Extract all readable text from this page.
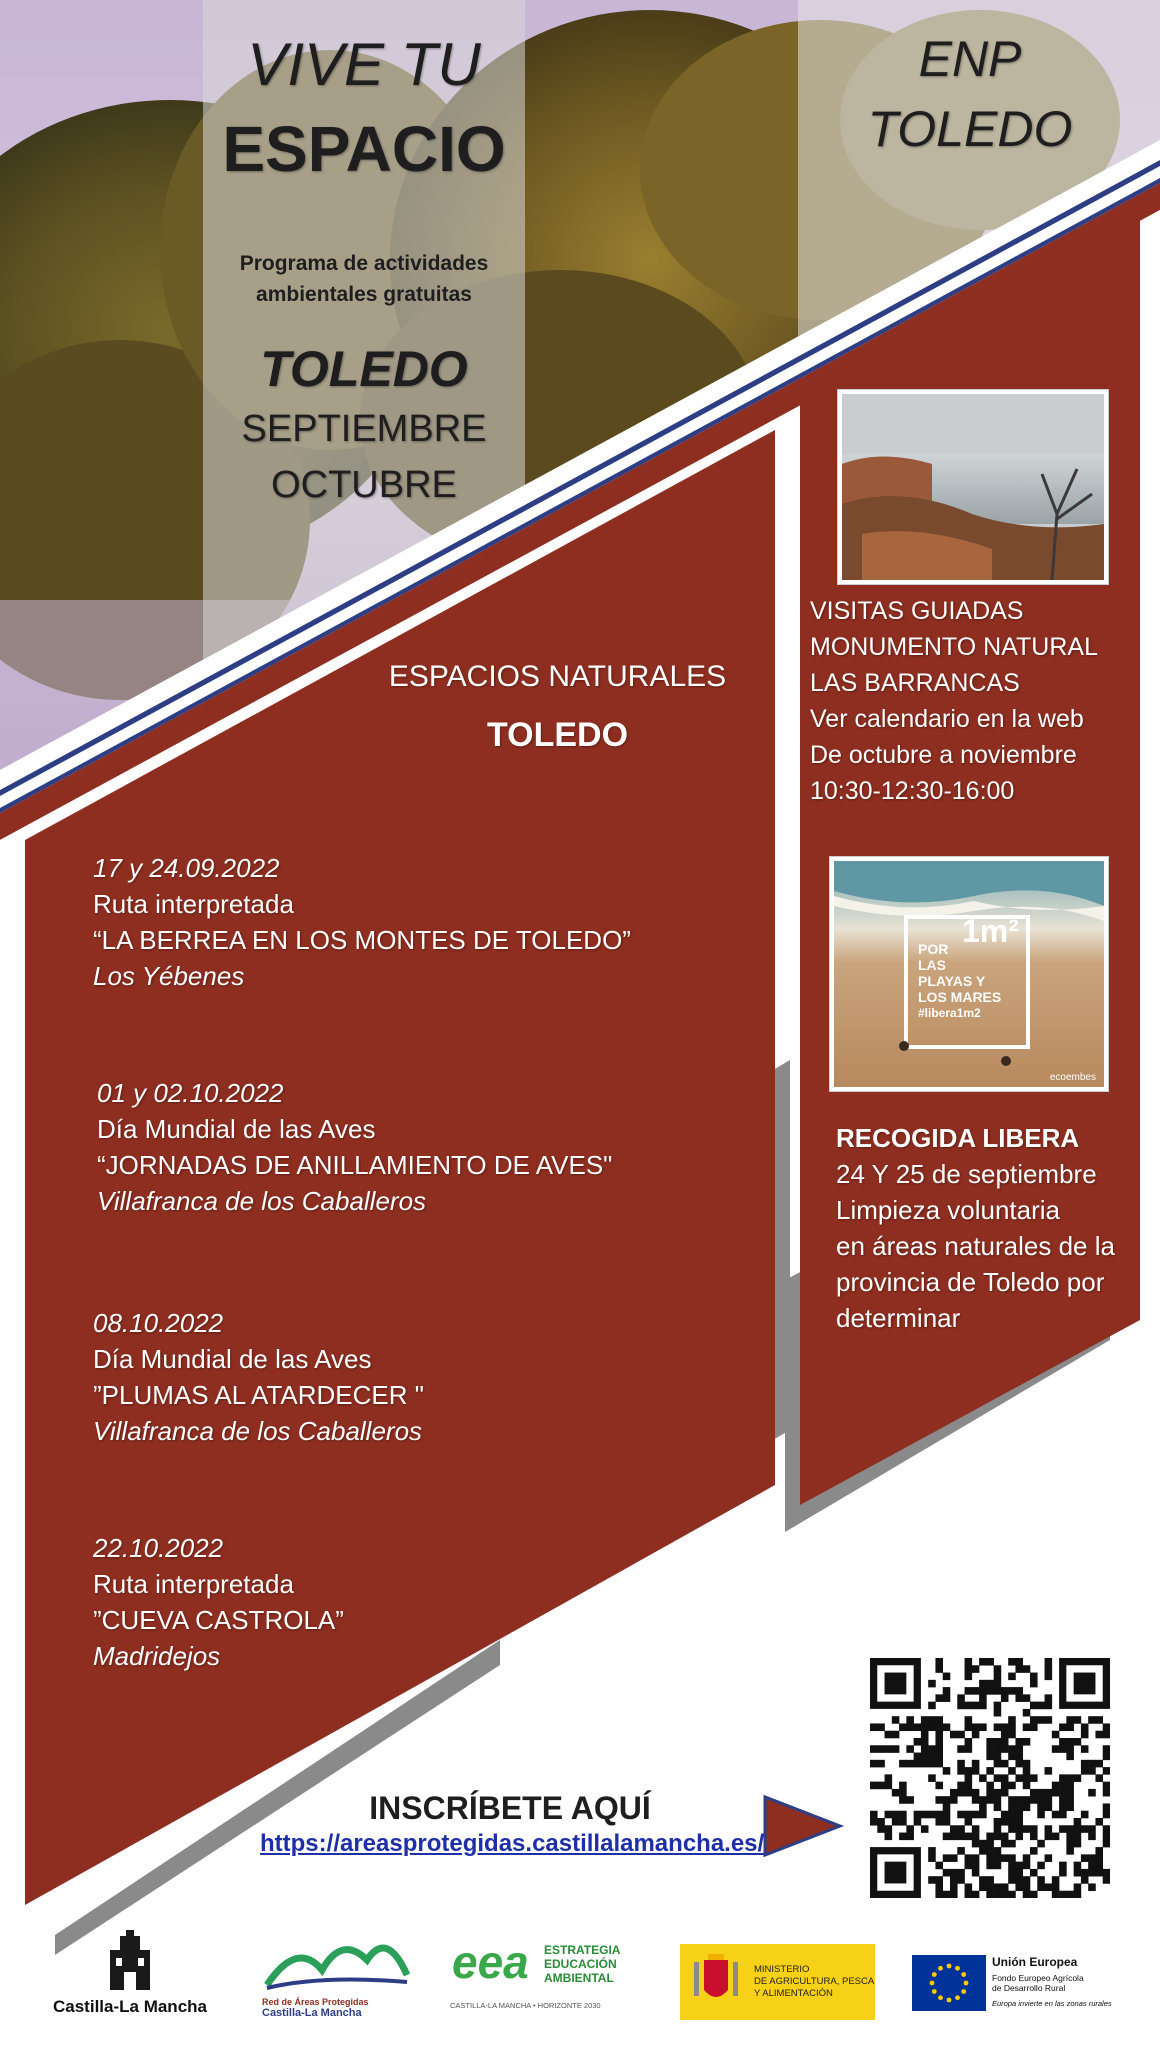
VIVE TU
ESPACIO
Programa de actividades
ambientales gratuitas
TOLEDO
SEPTIEMBRE
OCTUBRE
ENP
TOLEDO
ESPACIOS NATURALES
TOLEDO
17 y 24.09.2022
Ruta interpretada
“LA BERREA EN LOS MONTES DE TOLEDO”
Los Yébenes
01 y 02.10.2022
Día Mundial de las Aves
“JORNADAS DE ANILLAMIENTO DE AVES"
Villafranca de los Caballeros
08.10.2022
Día Mundial de las Aves
”PLUMAS AL ATARDECER "
Villafranca de los Caballeros
22.10.2022
Ruta interpretada
”CUEVA CASTROLA”
Madridejos
VISITAS GUIADAS
MONUMENTO NATURAL
LAS BARRANCAS
Ver calendario en la web
De octubre a noviembre
10:30-12:30-16:00
1m²
POR
LAS
PLAYAS Y
LOS MARES
#libera1m2
ecoembes
RECOGIDA LIBERA
24 Y 25 de septiembre
Limpieza voluntaria
en áreas naturales de la
provincia de Toledo por
determinar
INSCRÍBETE AQUÍ
https://areasprotegidas.castillalamancha.es/
Castilla-La Mancha	Red de Áreas Protegidas
Castilla-La Mancha
eea ESTRATEGIA
EDUCACIÓN
AMBIENTAL
CASTILLA-LA MANCHA • HORIZONTE 2030
MINISTERIO
DE AGRICULTURA, PESCA
Y ALIMENTACIÓN
Unión Europea
Fondo Europeo Agrícola
de Desarrollo Rural
Europa invierte en las zonas rurales
